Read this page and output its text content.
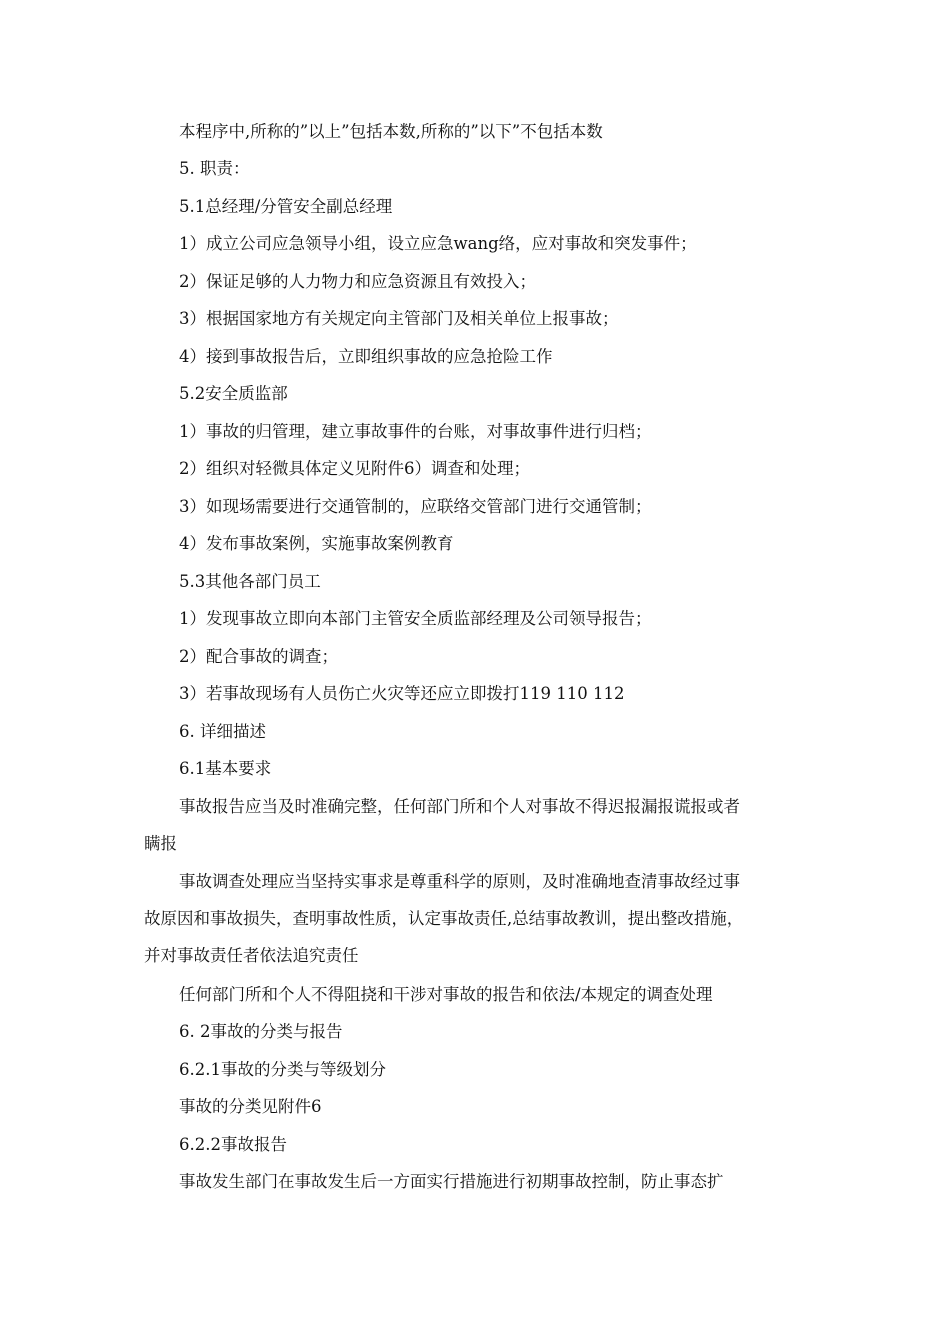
本程序中,所称的”以上”包括本数,所称的”以下”不包括本数

5. 职责：

5.1总经理/分管安全副总经理

1）成立公司应急领导小组，设立应急wang络，应对事故和突发事件；

2）保证足够的人力物力和应急资源且有效投入；

3）根据国家地方有关规定向主管部门及相关单位上报事故；

4）接到事故报告后，立即组织事故的应急抢险工作

5.2安全质监部

1）事故的归管理，建立事故事件的台账，对事故事件进行归档；

2）组织对轻微具体定义见附件6）调查和处理；

3）如现场需要进行交通管制的，应联络交管部门进行交通管制；

4）发布事故案例，实施事故案例教育

5.3其他各部门员工

1）发现事故立即向本部门主管安全质监部经理及公司领导报告；

2）配合事故的调查；

3）若事故现场有人员伤亡火灾等还应立即拨打119 110 112

6. 详细描述

6.1基本要求

事故报告应当及时准确完整，任何部门所和个人对事故不得迟报漏报谎报或者
瞒报

事故调查处理应当坚持实事求是尊重科学的原则，及时准确地查清事故经过事
故原因和事故损失，查明事故性质，认定事故责任,总结事故教训，提出整改措施，
并对事故责任者依法追究责任

任何部门所和个人不得阻挠和干涉对事故的报告和依法/本规定的调查处理

6. 2事故的分类与报告

6.2.1事故的分类与等级划分

事故的分类见附件6

6.2.2事故报告

事故发生部门在事故发生后一方面实行措施进行初期事故控制，防止事态扩
